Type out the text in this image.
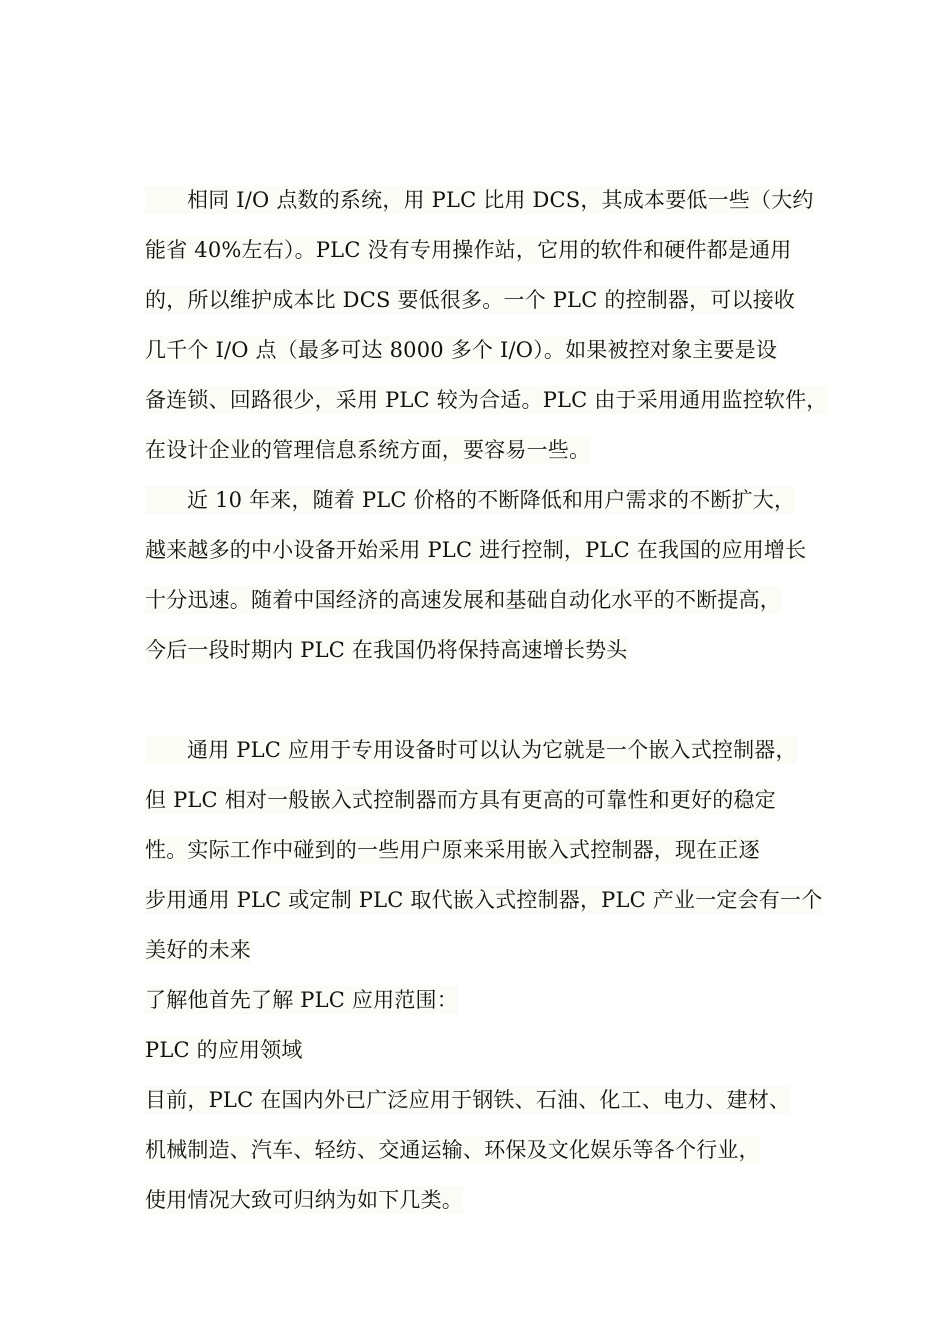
相同 I/O 点数的系统，用 PLC 比用 DCS，其成本要低一些（大约
能省 40%左右）。PLC 没有专用操作站，它用的软件和硬件都是通用
的，所以维护成本比 DCS 要低很多。一个 PLC 的控制器，可以接收
几千个 I/O 点（最多可达 8000 多个 I/O）。如果被控对象主要是设
备连锁、回路很少，采用 PLC 较为合适。PLC 由于采用通用监控软件，
在设计企业的管理信息系统方面，要容易一些。
近 10 年来，随着 PLC 价格的不断降低和用户需求的不断扩大，
越来越多的中小设备开始采用 PLC 进行控制，PLC 在我国的应用增长
十分迅速。随着中国经济的高速发展和基础自动化水平的不断提高，
今后一段时期内 PLC 在我国仍将保持高速增长势头
通用 PLC 应用于专用设备时可以认为它就是一个嵌入式控制器，
但 PLC 相对一般嵌入式控制器而方具有更高的可靠性和更好的稳定
性。实际工作中碰到的一些用户原来采用嵌入式控制器，现在正逐
步用通用 PLC 或定制 PLC 取代嵌入式控制器，PLC 产业一定会有一个
美好的未来
了解他首先了解 PLC 应用范围：
PLC 的应用领域
目前，PLC 在国内外已广泛应用于钢铁、石油、化工、电力、建材、
机械制造、汽车、轻纺、交通运输、环保及文化娱乐等各个行业，
使用情况大致可归纳为如下几类。
